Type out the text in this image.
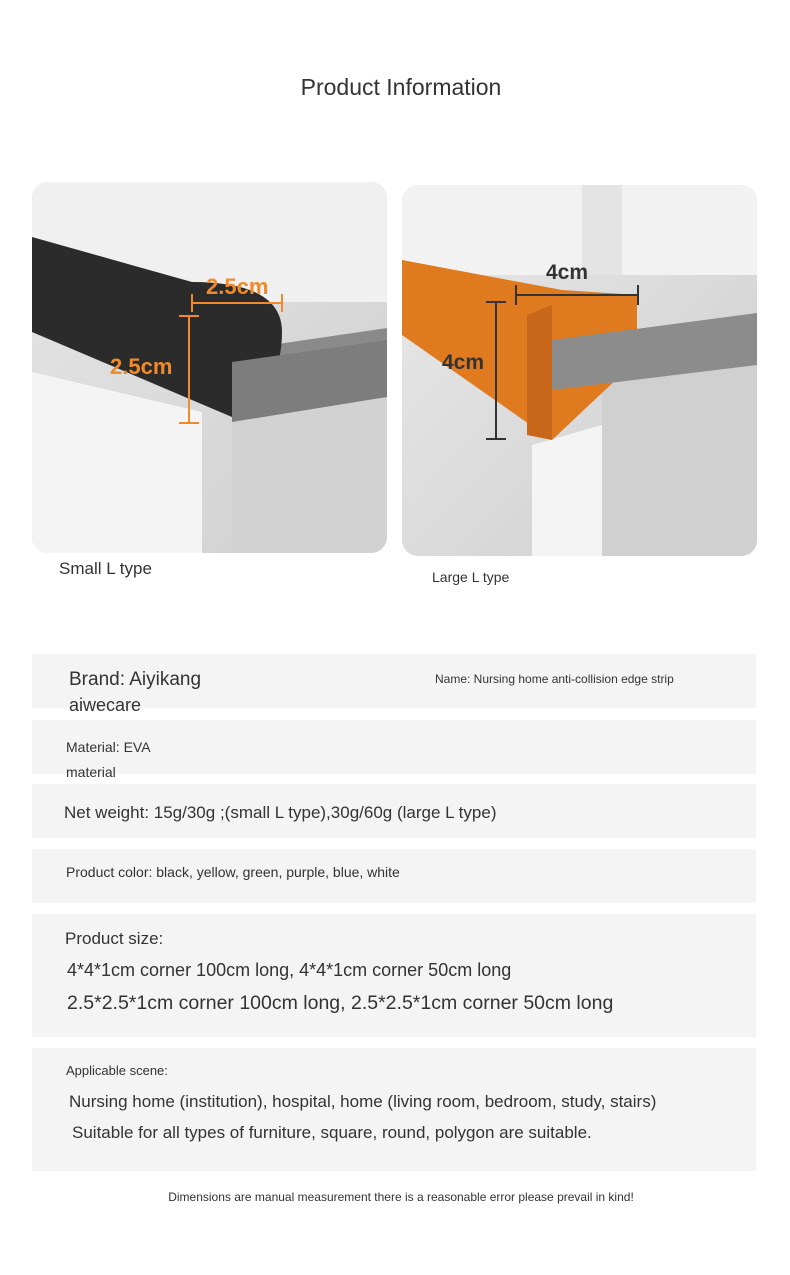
Product Information
2.5cm
2.5cm
Small L type
4cm
4cm
Large L type
Brand: Aiyikang
aiwecare
Name: Nursing home anti-collision edge strip
Material: EVA
material
Net weight: 15g/30g ;(small L type),30g/60g (large L type)
Product color: black, yellow, green, purple, blue, white
Product size:
4*4*1cm corner 100cm long, 4*4*1cm corner 50cm long
2.5*2.5*1cm corner 100cm long, 2.5*2.5*1cm corner 50cm long
Applicable scene:
Nursing home (institution), hospital, home (living room, bedroom, study, stairs)
Suitable for all types of furniture, square, round, polygon are suitable.
Dimensions are manual measurement there is a reasonable error please prevail in kind!
